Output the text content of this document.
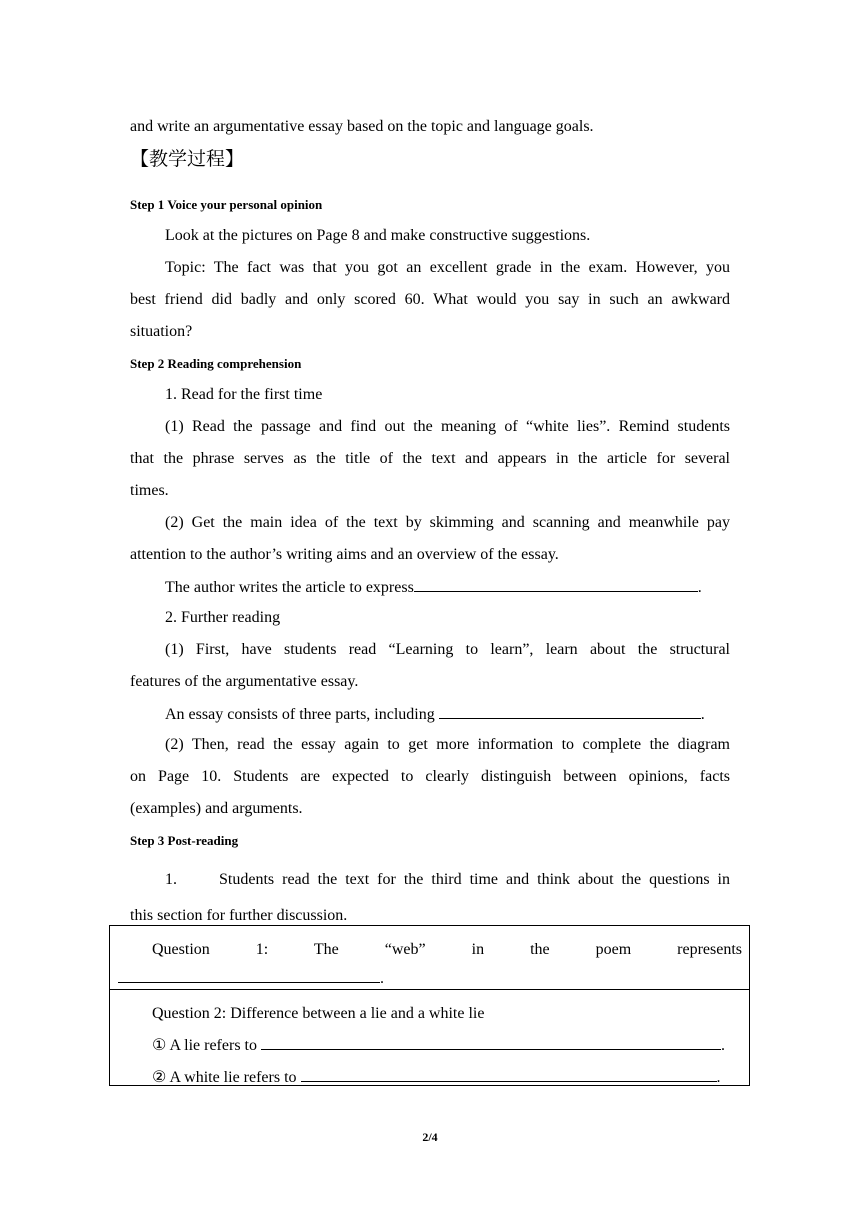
and write an argumentative essay based on the topic and language goals.
【教学过程】
Step 1 Voice your personal opinion
Look at the pictures on Page 8 and make constructive suggestions.
Topic: The fact was that you got an excellent grade in the exam. However, you
best friend did badly and only scored 60. What would you say in such an awkward
situation?
Step 2 Reading comprehension
1. Read for the first time
(1) Read the passage and find out the meaning of “white lies”. Remind students
that the phrase serves as the title of the text and appears in the article for several
times.
(2) Get the main idea of the text by skimming and scanning and meanwhile pay
attention to the author’s writing aims and an overview of the essay.
The author writes the article to express	.
2. Further reading
(1) First, have students read “Learning to learn”, learn about the structural
features of the argumentative essay.
An essay consists of three parts, including	.
(2) Then, read the essay again to get more information to complete the diagram
on Page 10. Students are expected to clearly distinguish between opinions, facts
(examples) and arguments.
Step 3 Post-reading
1.	Students read the text for the third time and think about the questions in
this section for further discussion.
Question 1: The “web” in the poem represents
.
Question 2: Difference between a lie and a white lie
① A lie refers to	.
② A white lie refers to	.
2/4
